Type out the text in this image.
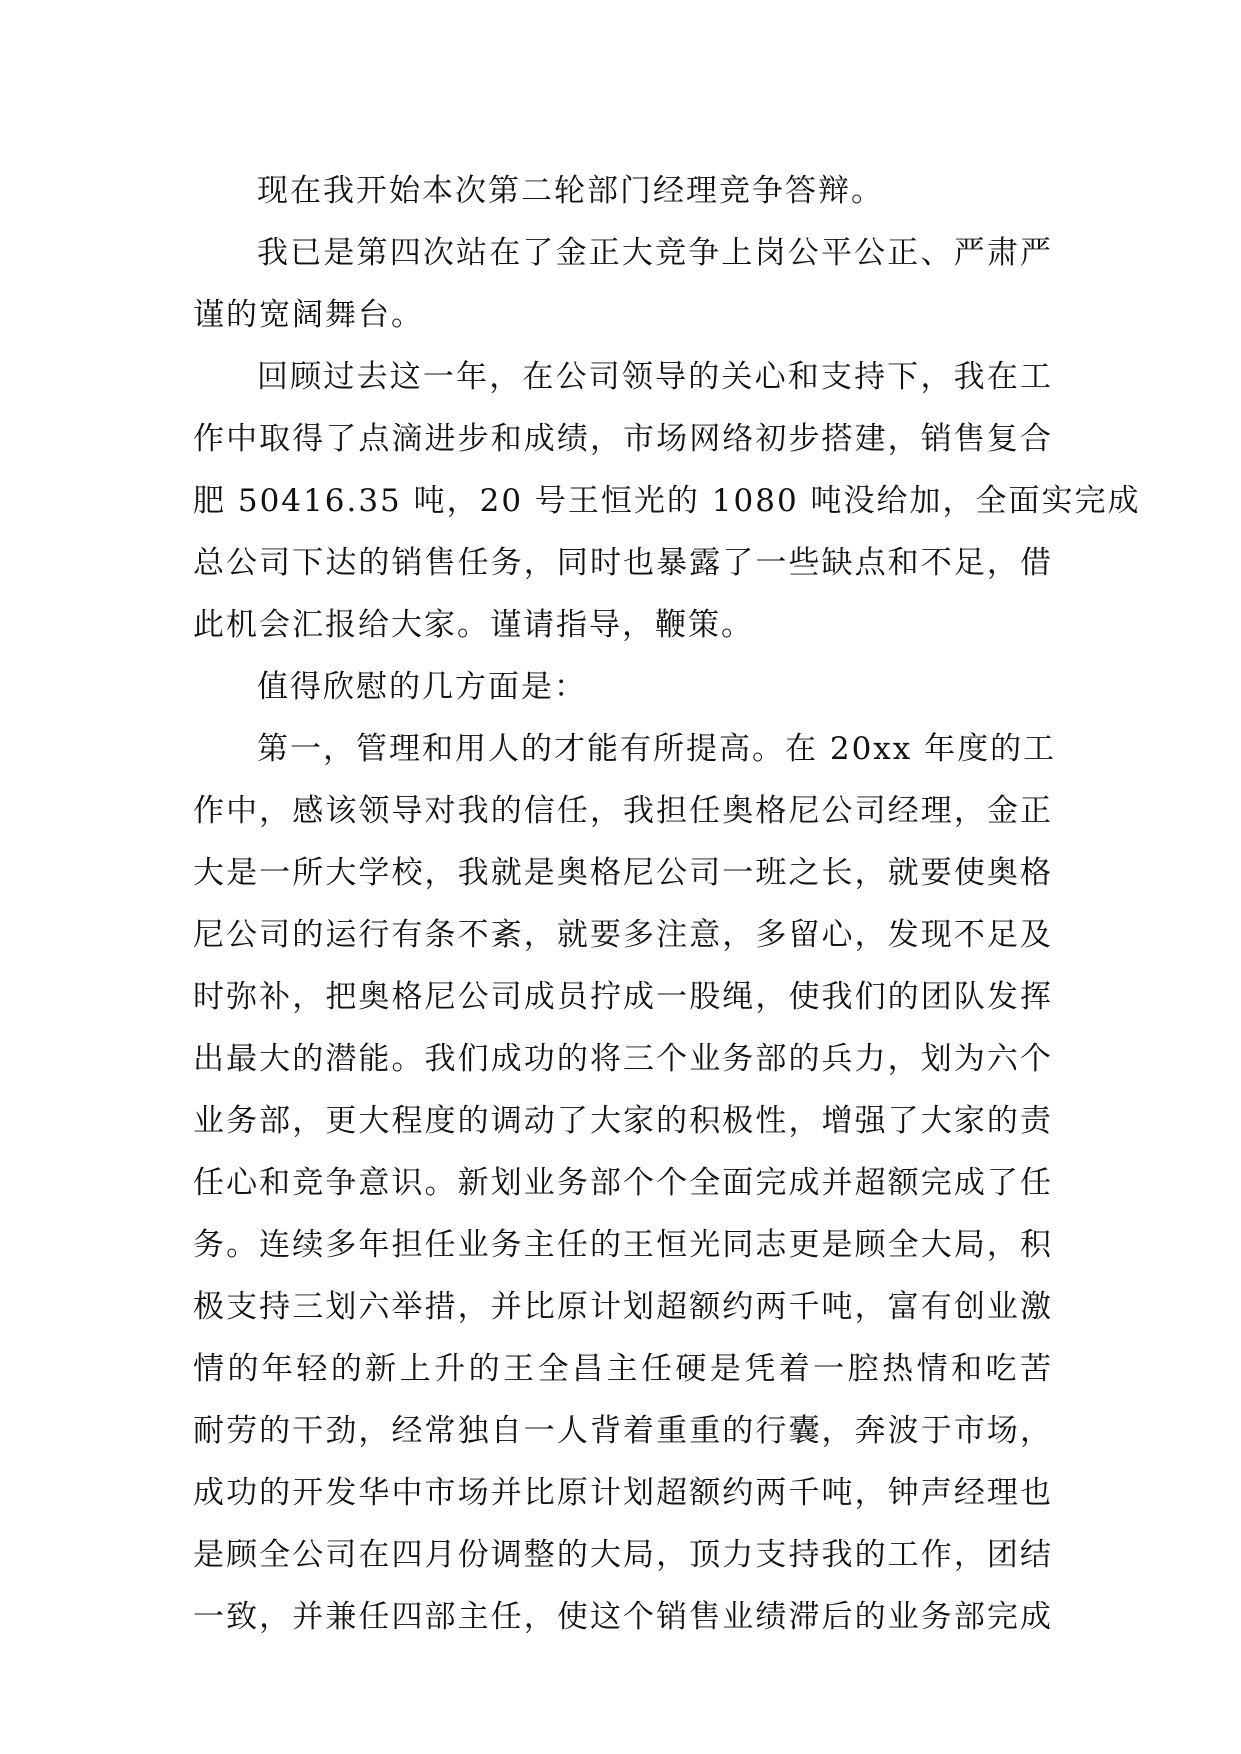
现在我开始本次第二轮部门经理竞争答辩。
我已是第四次站在了金正大竞争上岗公平公正、严肃严
谨的宽阔舞台。
回顾过去这一年，在公司领导的关心和支持下，我在工
作中取得了点滴进步和成绩，市场网络初步搭建，销售复合
肥 50416.35 吨，20 号王恒光的 1080 吨没给加，全面实完成
总公司下达的销售任务，同时也暴露了一些缺点和不足，借
此机会汇报给大家。谨请指导，鞭策。
值得欣慰的几方面是：
第一，管理和用人的才能有所提高。在 20xx 年度的工
作中，感该领导对我的信任，我担任奥格尼公司经理，金正
大是一所大学校，我就是奥格尼公司一班之长，就要使奥格
尼公司的运行有条不紊，就要多注意，多留心，发现不足及
时弥补，把奥格尼公司成员拧成一股绳，使我们的团队发挥
出最大的潜能。我们成功的将三个业务部的兵力，划为六个
业务部，更大程度的调动了大家的积极性，增强了大家的责
任心和竞争意识。新划业务部个个全面完成并超额完成了任
务。连续多年担任业务主任的王恒光同志更是顾全大局，积
极支持三划六举措，并比原计划超额约两千吨，富有创业激
情的年轻的新上升的王全昌主任硬是凭着一腔热情和吃苦
耐劳的干劲，经常独自一人背着重重的行囊，奔波于市场，
成功的开发华中市场并比原计划超额约两千吨，钟声经理也
是顾全公司在四月份调整的大局，顶力支持我的工作，团结
一致，并兼任四部主任，使这个销售业绩滞后的业务部完成
